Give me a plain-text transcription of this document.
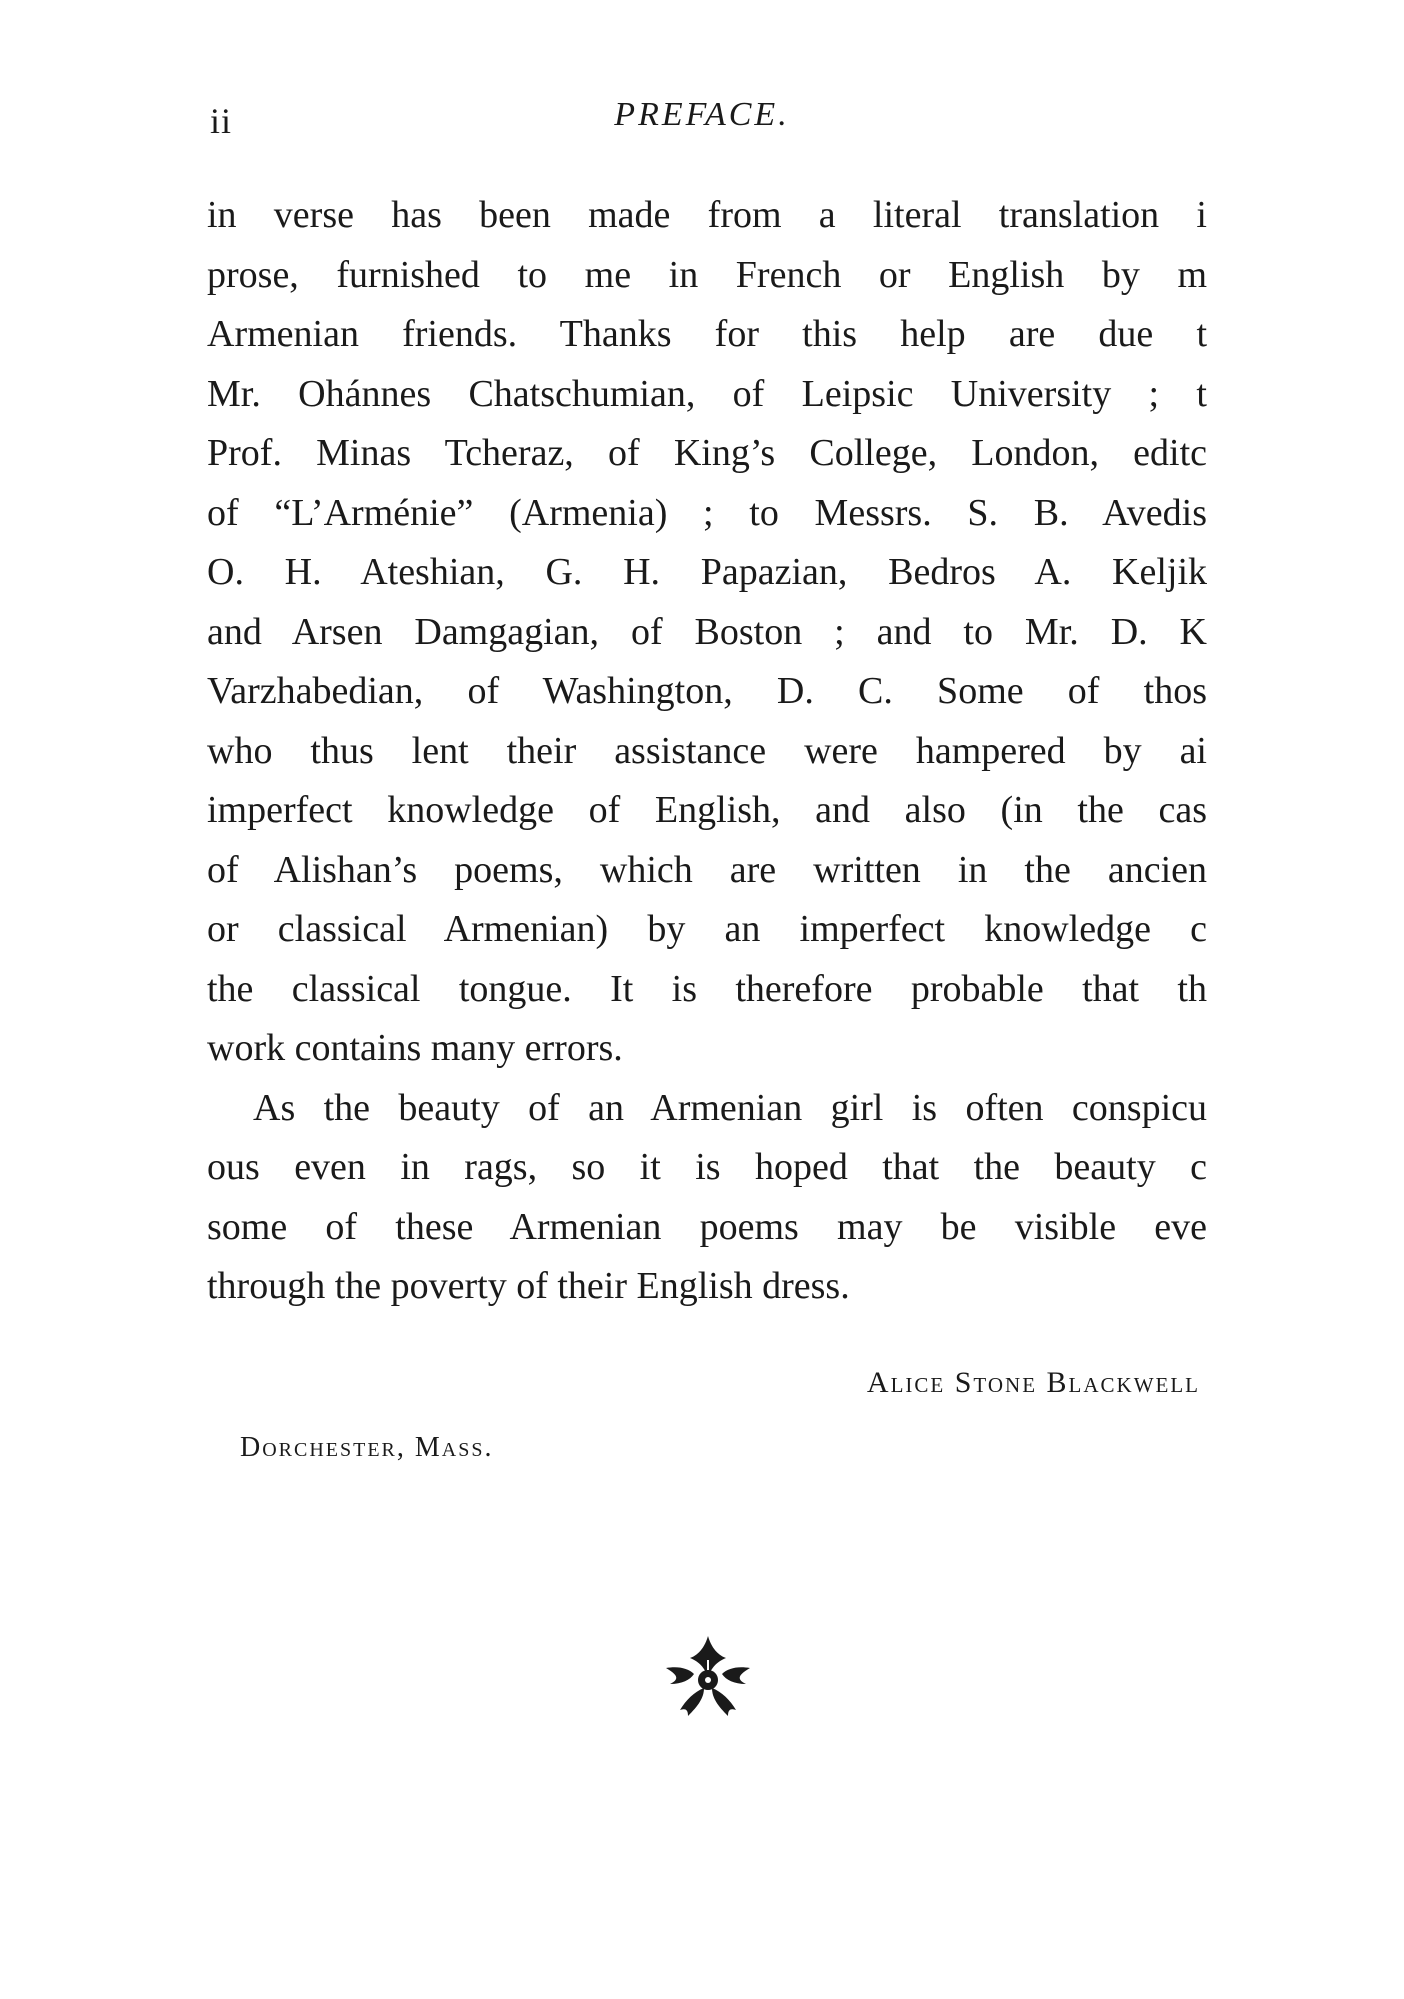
ii	PREFACE.
in verse has been made from a literal translation i
prose, furnished to me in French or English by m
Armenian friends. Thanks for this help are due t
Mr. Ohánnes Chatschumian, of Leipsic University ; t
Prof. Minas Tcheraz, of King’s College, London, editc
of “L’Arménie” (Armenia) ; to Messrs. S. B. Avedis
O. H. Ateshian, G. H. Papazian, Bedros A. Keljik
and Arsen Damgagian, of Boston ; and to Mr. D. K
Varzhabedian, of Washington, D. C. Some of thos
who thus lent their assistance were hampered by ai
imperfect knowledge of English, and also (in the cas
of Alishan’s poems, which are written in the ancien
or classical Armenian) by an imperfect knowledge c
the classical tongue. It is therefore probable that th
work contains many errors.
As the beauty of an Armenian girl is often conspicu
ous even in rags, so it is hoped that the beauty c
some of these Armenian poems may be visible eve
through the poverty of their English dress.
Alice Stone Blackwell
Dorchester, Mass.
